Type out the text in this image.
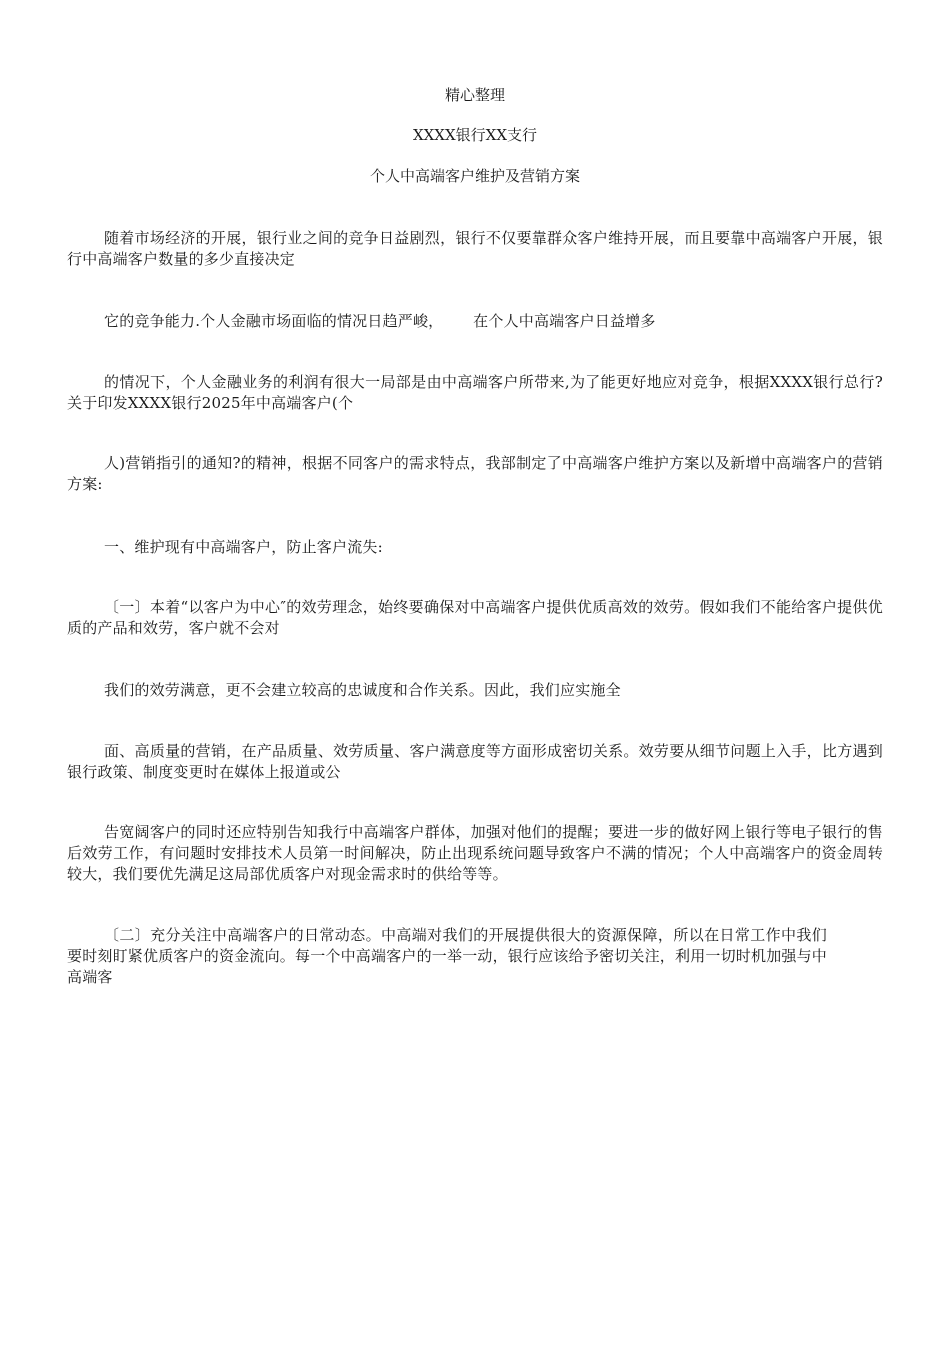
精心整理
XXXX银行XX支行
个人中高端客户维护及营销方案

随着市场经济的开展，银行业之间的竞争日益剧烈，银行不仅要靠群众客户维持开展，而且要靠中高端客户开展，银行中高端客户数量的多少直接决定

它的竞争能力.个人金融市场面临的情况日趋严峻，      在个人中高端客户日益增多

的情况下，个人金融业务的利润有很大一局部是由中高端客户所带来,为了能更好地应对竞争，根据XXXX银行总行?关于印发XXXX银行2025年中高端客户(个

人)营销指引的通知?的精神，根据不同客户的需求特点，我部制定了中高端客户维护方案以及新增中高端客户的营销方案:

一、维护现有中高端客户，防止客户流失:

〔一〕本着“以客户为中心″的效劳理念，始终要确保对中高端客户提供优质高效的效劳。假如我们不能给客户提供优质的产品和效劳，客户就不会对

我们的效劳满意，更不会建立较高的忠诚度和合作关系。因此，我们应实施全

面、高质量的营销，在产品质量、效劳质量、客户满意度等方面形成密切关系。效劳要从细节问题上入手，比方遇到银行政策、制度变更时在媒体上报道或公

告宽阔客户的同时还应特别告知我行中高端客户群体，加强对他们的提醒；要进一步的做好网上银行等电子银行的售后效劳工作，有问题时安排技术人员第一时间解决，防止出现系统问题导致客户不满的情况；个人中高端客户的资金周转较大，我们要优先满足这局部优质客户对现金需求时的供给等等。

〔二〕充分关注中高端客户的日常动态。中高端对我们的开展提供很大的资源保障，所以在日常工作中我们要时刻盯紧优质客户的资金流向。每一个中高端客户的一举一动，银行应该给予密切关注，利用一切时机加强与中高端客
